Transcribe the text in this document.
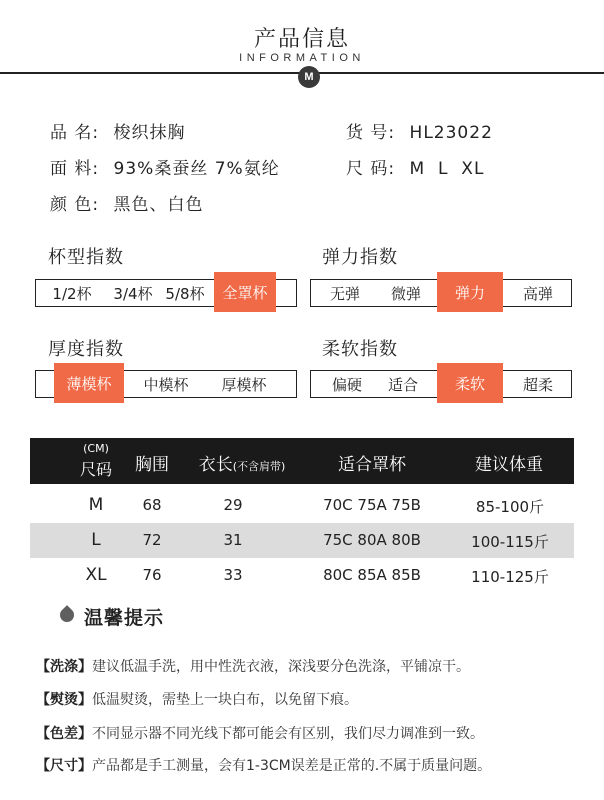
产品信息
INFORMATION
M
品 名: 梭织抹胸	货 号: HL23022
面 料: 93%桑蚕丝 7%氨纶	尺 码: M  L  XL
颜 色: 黑色、白色
杯型指数
1/2杯 3/4杯 5/8杯	全罩杯
弹力指数
无弹	微弹	弹力	高弹
厚度指数
薄模杯	中模杯	厚模杯
柔软指数
偏硬	适合	柔软	超柔
(CM)
尺码	胸围	衣长(不含肩带)	适合罩杯	建议体重
M	68	29	70C 75A 75B	85-100斤
L	72	31	75C 80A 80B	100-115斤
XL	76	33	80C 85A 85B	110-125斤
温馨提示
【洗涤】建议低温手洗，用中性洗衣液，深浅要分色洗涤，平铺凉干。
【熨烫】低温熨烫，需垫上一块白布，以免留下痕。
【色差】不同显示器不同光线下都可能会有区别，我们尽力调准到一致。
【尺寸】产品都是手工测量，会有1-3CM误差是正常的.不属于质量问题。
